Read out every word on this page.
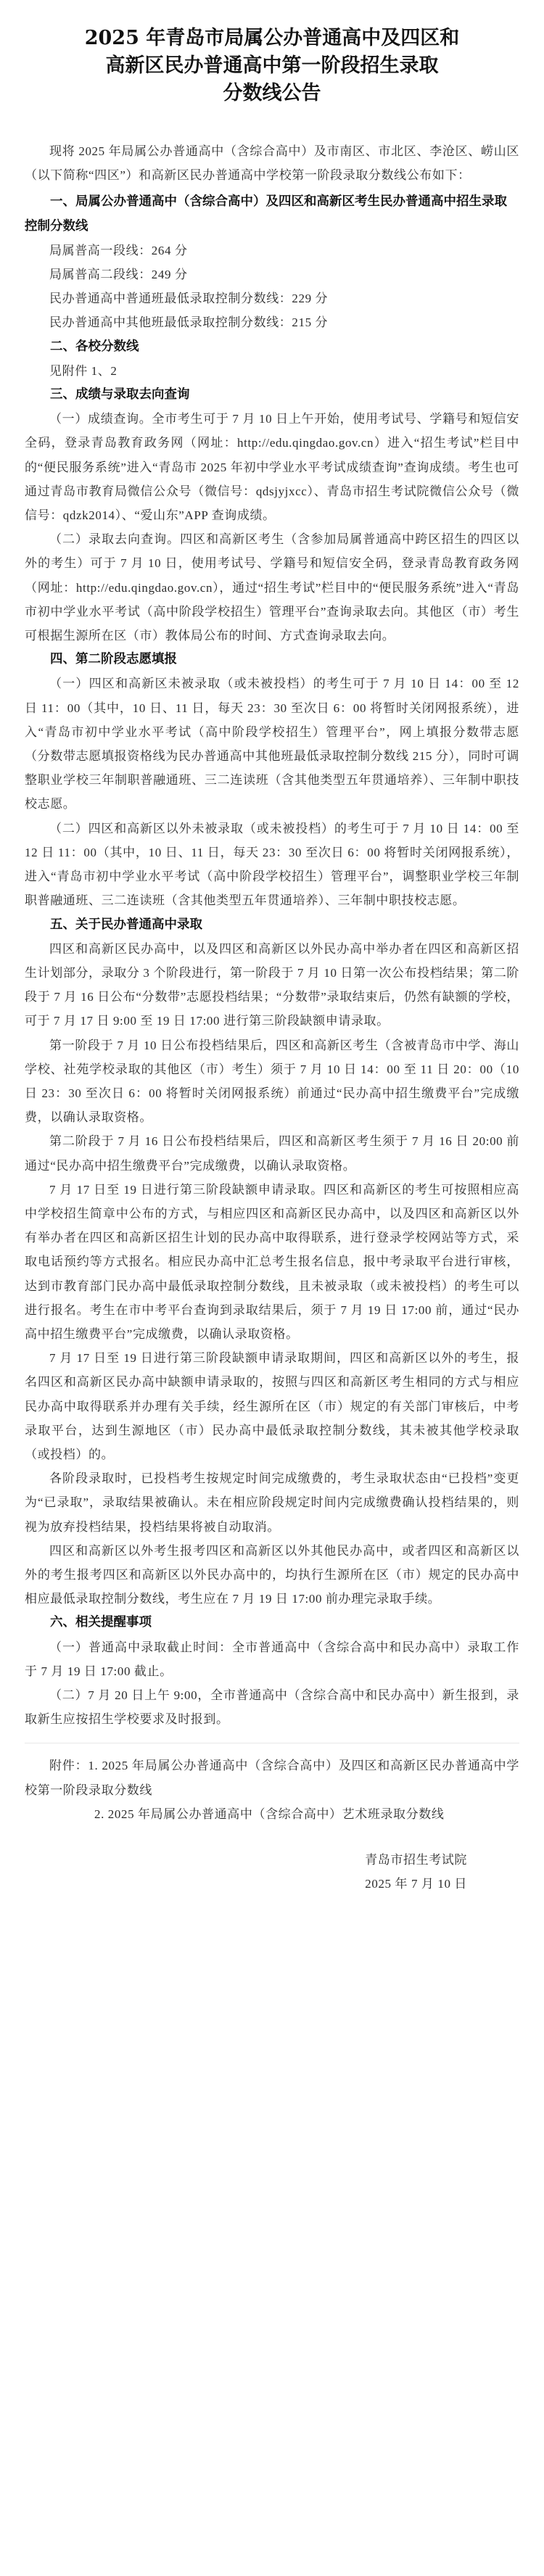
2025 年青岛市局属公办普通高中及四区和
高新区民办普通高中第一阶段招生录取
分数线公告

现将 2025 年局属公办普通高中（含综合高中）及市南区、市北区、李沧区、崂山区（以下简称“四区”）和高新区民办普通高中学校第一阶段录取分数线公布如下：

一、局属公办普通高中（含综合高中）及四区和高新区考生民办普通高中招生录取控制分数线

局属普高一段线：264 分

局属普高二段线：249 分

民办普通高中普通班最低录取控制分数线：229 分

民办普通高中其他班最低录取控制分数线：215 分

二、各校分数线

见附件 1、2

三、成绩与录取去向查询

（一）成绩查询。全市考生可于 7 月 10 日上午开始，使用考试号、学籍号和短信安全码，登录青岛教育政务网（网址：http://edu.qingdao.gov.cn）进入“招生考试”栏目中的“便民服务系统”进入“青岛市 2025 年初中学业水平考试成绩查询”查询成绩。考生也可通过青岛市教育局微信公众号（微信号：qdsjyjxcc）、青岛市招生考试院微信公众号（微信号：qdzk2014）、“爱山东”APP 查询成绩。

（二）录取去向查询。四区和高新区考生（含参加局属普通高中跨区招生的四区以外的考生）可于 7 月 10 日，使用考试号、学籍号和短信安全码，登录青岛教育政务网（网址：http://edu.qingdao.gov.cn），通过“招生考试”栏目中的“便民服务系统”进入“青岛市初中学业水平考试（高中阶段学校招生）管理平台”查询录取去向。其他区（市）考生可根据生源所在区（市）教体局公布的时间、方式查询录取去向。

四、第二阶段志愿填报

（一）四区和高新区未被录取（或未被投档）的考生可于 7 月 10 日 14：00 至 12 日 11：00（其中，10 日、11 日，每天 23：30 至次日 6：00 将暂时关闭网报系统），进入“青岛市初中学业水平考试（高中阶段学校招生）管理平台”，网上填报分数带志愿（分数带志愿填报资格线为民办普通高中其他班最低录取控制分数线 215 分），同时可调整职业学校三年制职普融通班、三二连读班（含其他类型五年贯通培养）、三年制中职技校志愿。

（二）四区和高新区以外未被录取（或未被投档）的考生可于 7 月 10 日 14：00 至 12 日 11：00（其中，10 日、11 日，每天 23：30 至次日 6：00 将暂时关闭网报系统），进入“青岛市初中学业水平考试（高中阶段学校招生）管理平台”，调整职业学校三年制职普融通班、三二连读班（含其他类型五年贯通培养）、三年制中职技校志愿。

五、关于民办普通高中录取

四区和高新区民办高中，以及四区和高新区以外民办高中举办者在四区和高新区招生计划部分，录取分 3 个阶段进行，第一阶段于 7 月 10 日第一次公布投档结果；第二阶段于 7 月 16 日公布“分数带”志愿投档结果；“分数带”录取结束后，仍然有缺额的学校，可于 7 月 17 日 9:00 至 19 日 17:00 进行第三阶段缺额申请录取。

第一阶段于 7 月 10 日公布投档结果后，四区和高新区考生（含被青岛市中学、海山学校、社苑学校录取的其他区（市）考生）须于 7 月 10 日 14：00 至 11 日 20：00（10 日 23：30 至次日 6：00 将暂时关闭网报系统）前通过“民办高中招生缴费平台”完成缴费，以确认录取资格。

第二阶段于 7 月 16 日公布投档结果后，四区和高新区考生须于 7 月 16 日 20:00 前通过“民办高中招生缴费平台”完成缴费，以确认录取资格。

7 月 17 日至 19 日进行第三阶段缺额申请录取。四区和高新区的考生可按照相应高中学校招生简章中公布的方式，与相应四区和高新区民办高中，以及四区和高新区以外有举办者在四区和高新区招生计划的民办高中取得联系，进行登录学校网站等方式，采取电话预约等方式报名。相应民办高中汇总考生报名信息，报中考录取平台进行审核，达到市教育部门民办高中最低录取控制分数线，且未被录取（或未被投档）的考生可以进行报名。考生在市中考平台查询到录取结果后，须于 7 月 19 日 17:00 前，通过“民办高中招生缴费平台”完成缴费，以确认录取资格。

7 月 17 日至 19 日进行第三阶段缺额申请录取期间，四区和高新区以外的考生，报名四区和高新区民办高中缺额申请录取的，按照与四区和高新区考生相同的方式与相应民办高中取得联系并办理有关手续，经生源所在区（市）规定的有关部门审核后，中考录取平台，达到生源地区（市）民办高中最低录取控制分数线，其未被其他学校录取（或投档）的。

各阶段录取时，已投档考生按规定时间完成缴费的，考生录取状态由“已投档”变更为“已录取”，录取结果被确认。未在相应阶段规定时间内完成缴费确认投档结果的，则视为放弃投档结果，投档结果将被自动取消。

四区和高新区以外考生报考四区和高新区以外其他民办高中，或者四区和高新区以外的考生报考四区和高新区以外民办高中的，均执行生源所在区（市）规定的民办高中相应最低录取控制分数线，考生应在 7 月 19 日 17:00 前办理完录取手续。

六、相关提醒事项

（一）普通高中录取截止时间：全市普通高中（含综合高中和民办高中）录取工作于 7 月 19 日 17:00 截止。

（二）7 月 20 日上午 9:00，全市普通高中（含综合高中和民办高中）新生报到，录取新生应按招生学校要求及时报到。

附件：1. 2025 年局属公办普通高中（含综合高中）及四区和高新区民办普通高中学校第一阶段录取分数线

2. 2025 年局属公办普通高中（含综合高中）艺术班录取分数线

青岛市招生考试院

2025 年 7 月 10 日
